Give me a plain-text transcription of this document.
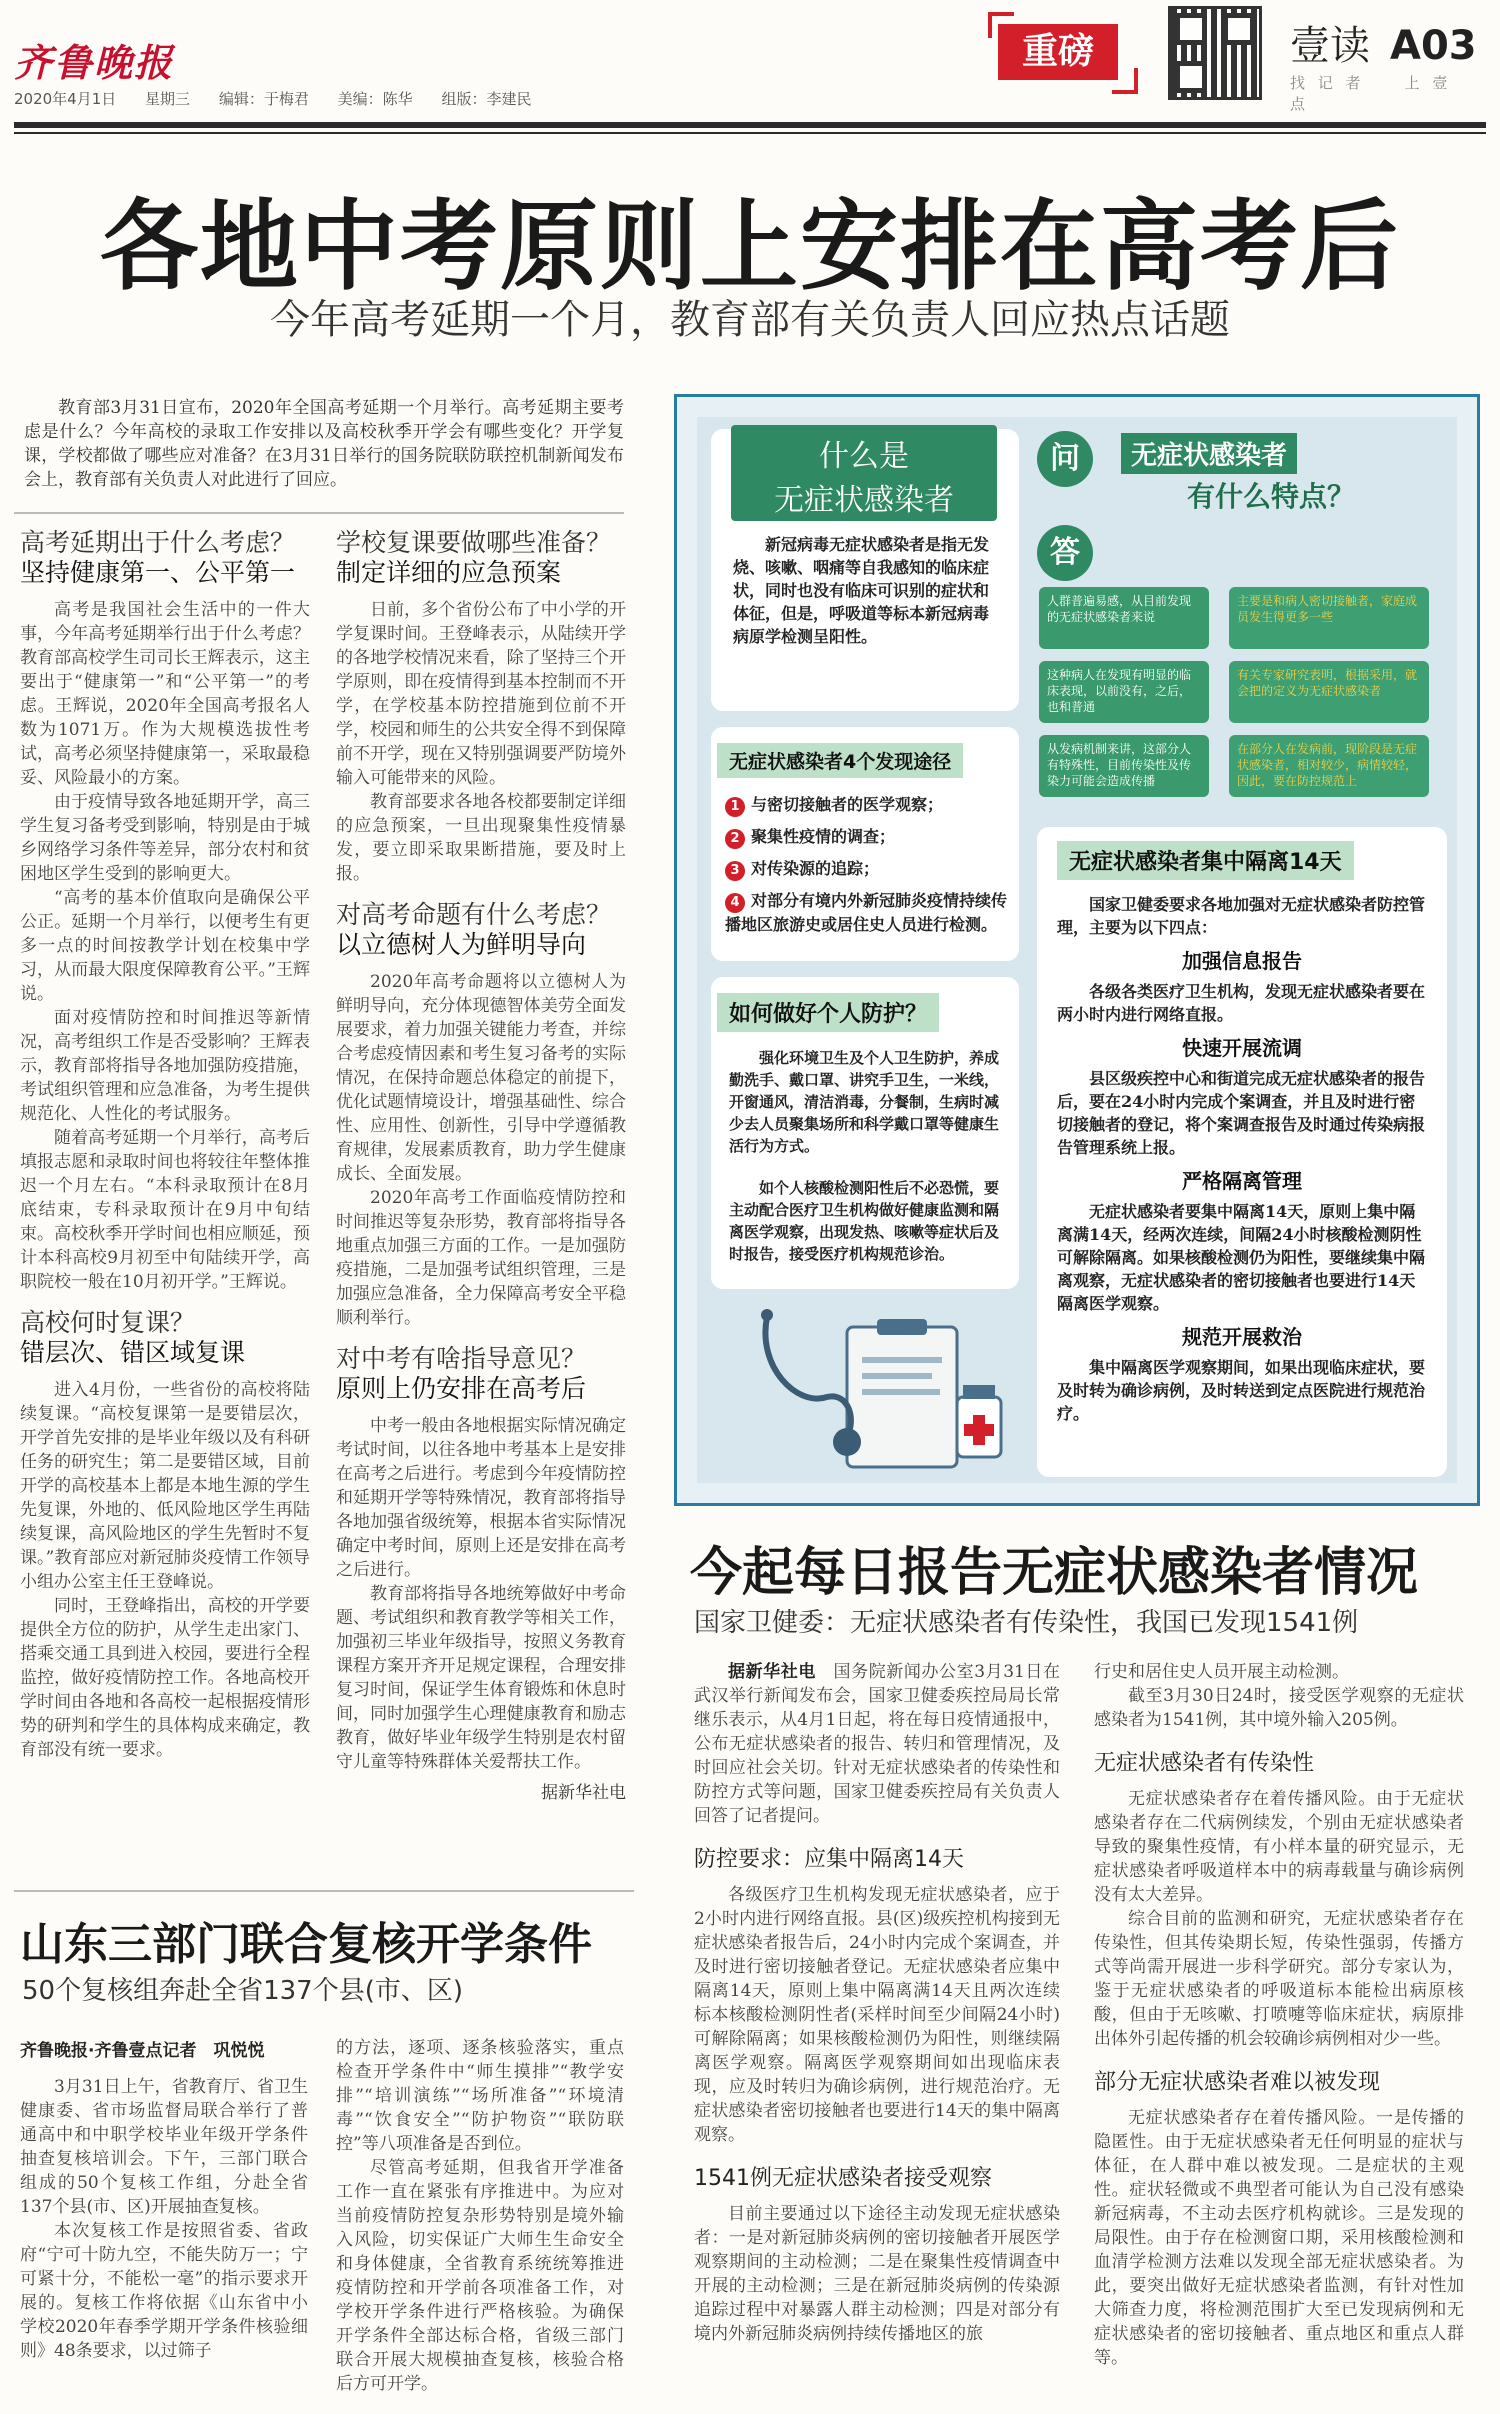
齐鲁晚报
2020年4月1日 星期三 编辑：于梅君 美编：陈华 组版：李建民
重磅	壹读 A03
找 记 者	上 壹 点
各地中考原则上安排在高考后
今年高考延期一个月，教育部有关负责人回应热点话题
教育部3月31日宣布，2020年全国高考延期一个月举行。高考延期主要考虑是什么？今年高校的录取工作安排以及高校秋季开学会有哪些变化？开学复课，学校都做了哪些应对准备？在3月31日举行的国务院联防联控机制新闻发布会上，教育部有关负责人对此进行了回应。
高考延期出于什么考虑？
坚持健康第一、公平第一
高考是我国社会生活中的一件大事，今年高考延期举行出于什么考虑？教育部高校学生司司长王辉表示，这主要出于“健康第一”和“公平第一”的考虑。王辉说，2020年全国高考报名人数为1071万。作为大规模选拔性考试，高考必须坚持健康第一，采取最稳妥、风险最小的方案。
由于疫情导致各地延期开学，高三学生复习备考受到影响，特别是由于城乡网络学习条件等差异，部分农村和贫困地区学生受到的影响更大。
“高考的基本价值取向是确保公平公正。延期一个月举行，以便考生有更多一点的时间按教学计划在校集中学习，从而最大限度保障教育公平。”王辉说。
面对疫情防控和时间推迟等新情况，高考组织工作是否受影响？王辉表示，教育部将指导各地加强防疫措施，考试组织管理和应急准备，为考生提供规范化、人性化的考试服务。
随着高考延期一个月举行，高考后填报志愿和录取时间也将较往年整体推迟一个月左右。“本科录取预计在8月底结束，专科录取预计在9月中旬结束。高校秋季开学时间也相应顺延，预计本科高校9月初至中旬陆续开学，高职院校一般在10月初开学。”王辉说。
高校何时复课？
错层次、错区域复课
进入4月份，一些省份的高校将陆续复课。“高校复课第一是要错层次，开学首先安排的是毕业年级以及有科研任务的研究生；第二是要错区域，目前开学的高校基本上都是本地生源的学生先复课，外地的、低风险地区学生再陆续复课，高风险地区的学生先暂时不复课。”教育部应对新冠肺炎疫情工作领导小组办公室主任王登峰说。
同时，王登峰指出，高校的开学要提供全方位的防护，从学生走出家门、搭乘交通工具到进入校园，要进行全程监控，做好疫情防控工作。各地高校开学时间由各地和各高校一起根据疫情形势的研判和学生的具体构成来确定，教育部没有统一要求。
学校复课要做哪些准备？
制定详细的应急预案
日前，多个省份公布了中小学的开学复课时间。王登峰表示，从陆续开学的各地学校情况来看，除了坚持三个开学原则，即在疫情得到基本控制而不开学，在学校基本防控措施到位前不开学，校园和师生的公共安全得不到保障前不开学，现在又特别强调要严防境外输入可能带来的风险。
教育部要求各地各校都要制定详细的应急预案，一旦出现聚集性疫情暴发，要立即采取果断措施，要及时上报。
对高考命题有什么考虑？
以立德树人为鲜明导向
2020年高考命题将以立德树人为鲜明导向，充分体现德智体美劳全面发展要求，着力加强关键能力考查，并综合考虑疫情因素和考生复习备考的实际情况，在保持命题总体稳定的前提下，优化试题情境设计，增强基础性、综合性、应用性、创新性，引导中学遵循教育规律，发展素质教育，助力学生健康成长、全面发展。
2020年高考工作面临疫情防控和时间推迟等复杂形势，教育部将指导各地重点加强三方面的工作。一是加强防疫措施，二是加强考试组织管理，三是加强应急准备，全力保障高考安全平稳顺利举行。
对中考有啥指导意见？
原则上仍安排在高考后
中考一般由各地根据实际情况确定考试时间，以往各地中考基本上是安排在高考之后进行。考虑到今年疫情防控和延期开学等特殊情况，教育部将指导各地加强省级统筹，根据本省实际情况确定中考时间，原则上还是安排在高考之后进行。
教育部将指导各地统筹做好中考命题、考试组织和教育教学等相关工作，加强初三毕业年级指导，按照义务教育课程方案开齐开足规定课程，合理安排复习时间，保证学生体育锻炼和休息时间，同时加强学生心理健康教育和励志教育，做好毕业年级学生特别是农村留守儿童等特殊群体关爱帮扶工作。
据新华社电
什么是
无症状感染者

新冠病毒无症状感染者是指无发烧、咳嗽、咽痛等自我感知的临床症状，同时也没有临床可识别的症状和体征，但是，呼吸道等标本新冠病毒病原学检测呈阳性。

问	无症状感染者
有什么特点？
答
人群普遍易感，从目前发现的无症状感染者来说
主要是和病人密切接触者，家庭成员发生得更多一些
这种病人在发现有明显的临床表现，以前没有，之后，也和普通
有关专家研究表明，根据采用，就会把的定义为无症状感染者
从发病机制来讲，这部分人有特殊性，目前传染性及传染力可能会造成传播
在部分人在发病前，现阶段是无症状感染者，相对较少，病情较轻，因此，要在防控规范上
无症状感染者4个发现途径
1 与密切接触者的医学观察；
2 聚集性疫情的调查；
3 对传染源的追踪；
4 对部分有境内外新冠肺炎疫情持续传播地区旅游史或居住史人员进行检测。
如何做好个人防护？

强化环境卫生及个人卫生防护，养成勤洗手、戴口罩、讲究手卫生，一米线，开窗通风，清洁消毒，分餐制，生病时减少去人员聚集场所和科学戴口罩等健康生活行为方式。

如个人核酸检测阳性后不必恐慌，要主动配合医疗卫生机构做好健康监测和隔离医学观察，出现发热、咳嗽等症状后及时报告，接受医疗机构规范诊治。

无症状感染者集中隔离14天

国家卫健委要求各地加强对无症状感染者防控管理，主要为以下四点：

加强信息报告

各级各类医疗卫生机构，发现无症状感染者要在两小时内进行网络直报。

快速开展流调

县区级疾控中心和街道完成无症状感染者的报告后，要在24小时内完成个案调查，并且及时进行密切接触者的登记，将个案调查报告及时通过传染病报告管理系统上报。

严格隔离管理

无症状感染者要集中隔离14天，原则上集中隔离满14天，经两次连续，间隔24小时核酸检测阴性可解除隔离。如果核酸检测仍为阳性，要继续集中隔离观察，无症状感染者的密切接触者也要进行14天隔离医学观察。

规范开展救治

集中隔离医学观察期间，如果出现临床症状，要及时转为确诊病例，及时转送到定点医院进行规范治疗。

今起每日报告无症状感染者情况
国家卫健委：无症状感染者有传染性，我国已发现1541例
据新华社电　 国务院新闻办公室3月31日在武汉举行新闻发布会，国家卫健委疾控局局长常继乐表示，从4月1日起，将在每日疫情通报中，公布无症状感染者的报告、转归和管理情况，及时回应社会关切。针对无症状感染者的传染性和防控方式等问题，国家卫健委疾控局有关负责人回答了记者提问。
防控要求：应集中隔离14天
各级医疗卫生机构发现无症状感染者，应于2小时内进行网络直报。县(区)级疾控机构接到无症状感染者报告后，24小时内完成个案调查，并及时进行密切接触者登记。无症状感染者应集中隔离14天，原则上集中隔离满14天且两次连续标本核酸检测阴性者(采样时间至少间隔24小时)可解除隔离；如果核酸检测仍为阳性，则继续隔离医学观察。隔离医学观察期间如出现临床表现，应及时转归为确诊病例，进行规范治疗。无症状感染者密切接触者也要进行14天的集中隔离观察。
1541例无症状感染者接受观察
目前主要通过以下途径主动发现无症状感染者：一是对新冠肺炎病例的密切接触者开展医学观察期间的主动检测；二是在聚集性疫情调查中开展的主动检测；三是在新冠肺炎病例的传染源追踪过程中对暴露人群主动检测；四是对部分有境内外新冠肺炎病例持续传播地区的旅
行史和居住史人员开展主动检测。
截至3月30日24时，接受医学观察的无症状感染者为1541例，其中境外输入205例。
无症状感染者有传染性
无症状感染者存在着传播风险。由于无症状感染者存在二代病例续发，个别由无症状感染者导致的聚集性疫情，有小样本量的研究显示，无症状感染者呼吸道样本中的病毒载量与确诊病例没有太大差异。
综合目前的监测和研究，无症状感染者存在传染性，但其传染期长短，传染性强弱，传播方式等尚需开展进一步科学研究。部分专家认为，鉴于无症状感染者的呼吸道标本能检出病原核酸，但由于无咳嗽、打喷嚏等临床症状，病原排出体外引起传播的机会较确诊病例相对少一些。
部分无症状感染者难以被发现
无症状感染者存在着传播风险。一是传播的隐匿性。由于无症状感染者无任何明显的症状与体征，在人群中难以被发现。二是症状的主观性。症状轻微或不典型者可能认为自己没有感染新冠病毒，不主动去医疗机构就诊。三是发现的局限性。由于存在检测窗口期，采用核酸检测和血清学检测方法难以发现全部无症状感染者。为此，要突出做好无症状感染者监测，有针对性加大筛查力度，将检测范围扩大至已发现病例和无症状感染者的密切接触者、重点地区和重点人群等。
山东三部门联合复核开学条件
50个复核组奔赴全省137个县(市、区)
齐鲁晚报·齐鲁壹点记者　巩悦悦
3月31日上午，省教育厅、省卫生健康委、省市场监督局联合举行了普通高中和中职学校毕业年级开学条件抽查复核培训会。下午，三部门联合组成的50个复核工作组，分赴全省137个县(市、区)开展抽查复核。
本次复核工作是按照省委、省政府“宁可十防九空，不能失防万一；宁可紧十分，不能松一毫”的指示要求开展的。复核工作将依据《山东省中小学校2020年春季学期开学条件核验细则》48条要求，以过筛子
的方法，逐项、逐条核验落实，重点检查开学条件中“师生摸排”“教学安排”“培训演练”“场所准备”“环境清毒”“饮食安全”“防护物资”“联防联控”等八项准备是否到位。
尽管高考延期，但我省开学准备工作一直在紧张有序推进中。为应对当前疫情防控复杂形势特别是境外输入风险，切实保证广大师生生命安全和身体健康，全省教育系统统筹推进疫情防控和开学前各项准备工作，对学校开学条件进行严格核验。为确保开学条件全部达标合格，省级三部门联合开展大规模抽查复核，核验合格后方可开学。
